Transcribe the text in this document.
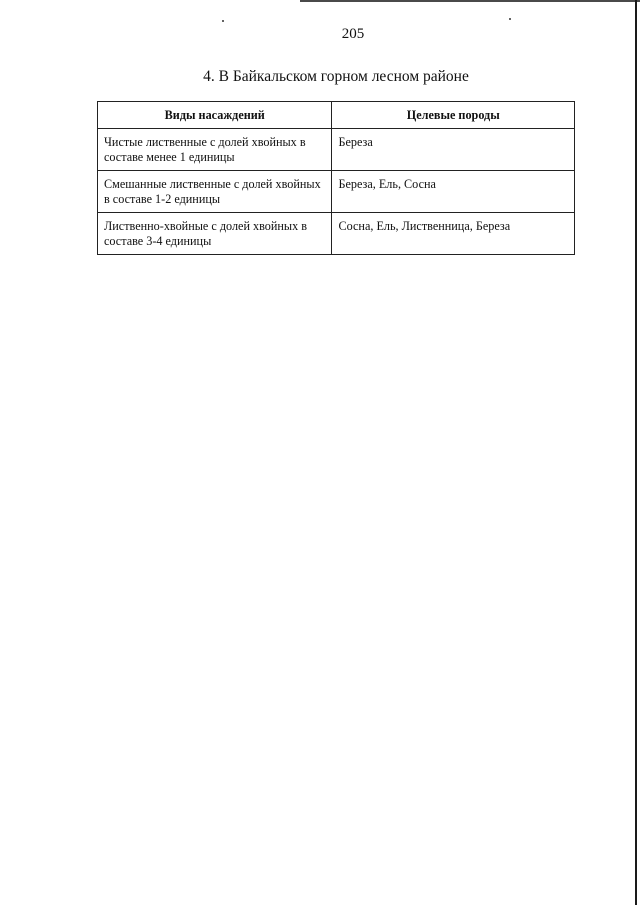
205
4. В Байкальском горном лесном районе
Виды насаждений	Целевые породы
Чистые лиственные с долей хвойных в составе менее 1 единицы	Береза
Смешанные лиственные с долей хвойных в составе 1-2 единицы	Береза, Ель, Сосна
Лиственно-хвойные с долей хвойных в составе 3-4 единицы	Сосна, Ель, Лиственница, Береза
